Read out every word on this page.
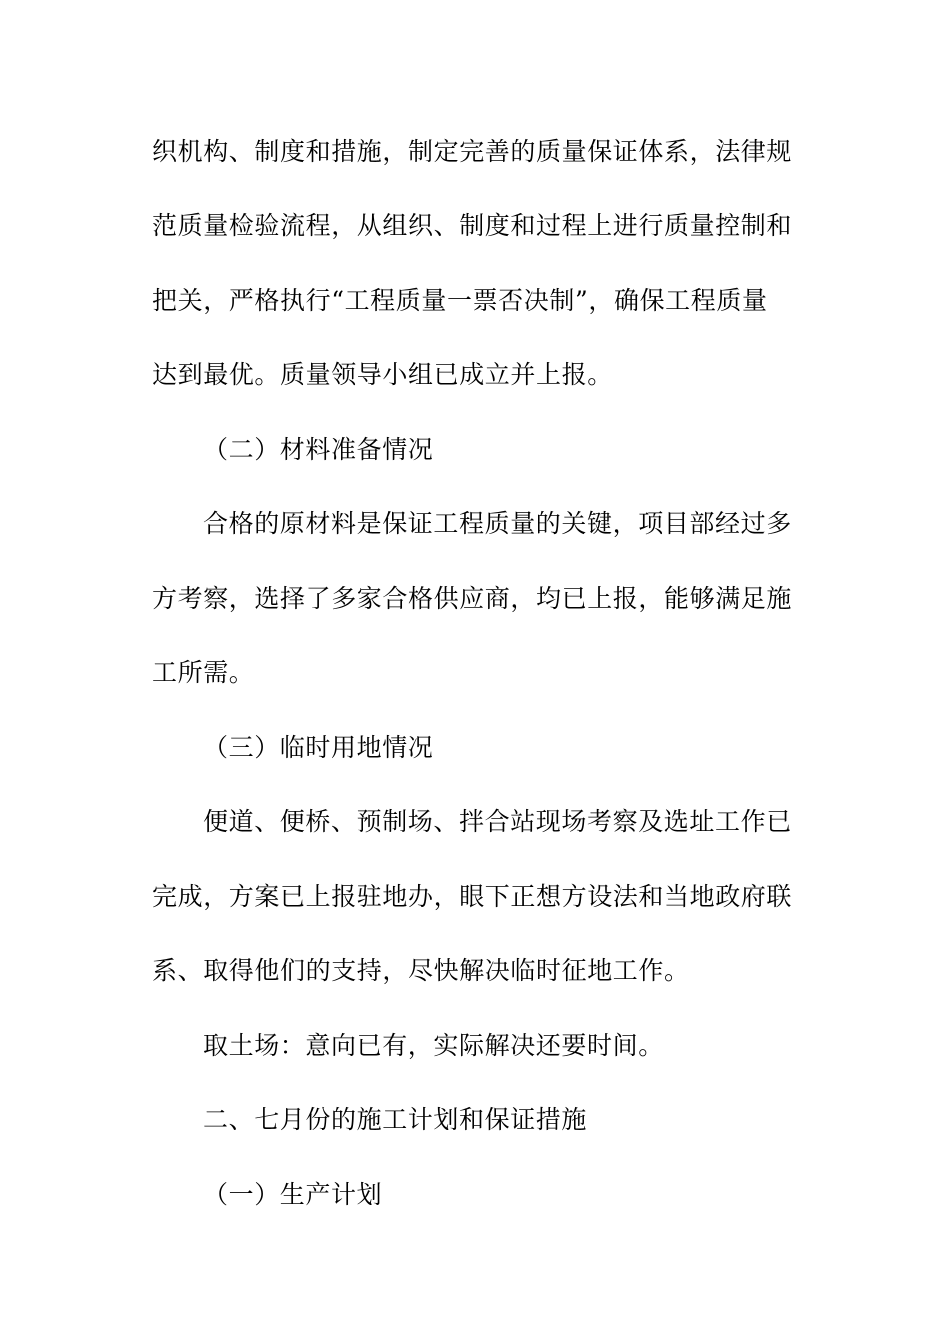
织机构、制度和措施，制定完善的质量保证体系，法律规
范质量检验流程，从组织、制度和过程上进行质量控制和
把关，严格执行“工程质量一票否决制”，确保工程质量
达到最优。质量领导小组已成立并上报。
（二）材料准备情况
合格的原材料是保证工程质量的关键，项目部经过多
方考察，选择了多家合格供应商，均已上报，能够满足施
工所需。
（三）临时用地情况
便道、便桥、预制场、拌合站现场考察及选址工作已
完成，方案已上报驻地办，眼下正想方设法和当地政府联
系、取得他们的支持，尽快解决临时征地工作。
取土场：意向已有，实际解决还要时间。
二、七月份的施工计划和保证措施
（一）生产计划
